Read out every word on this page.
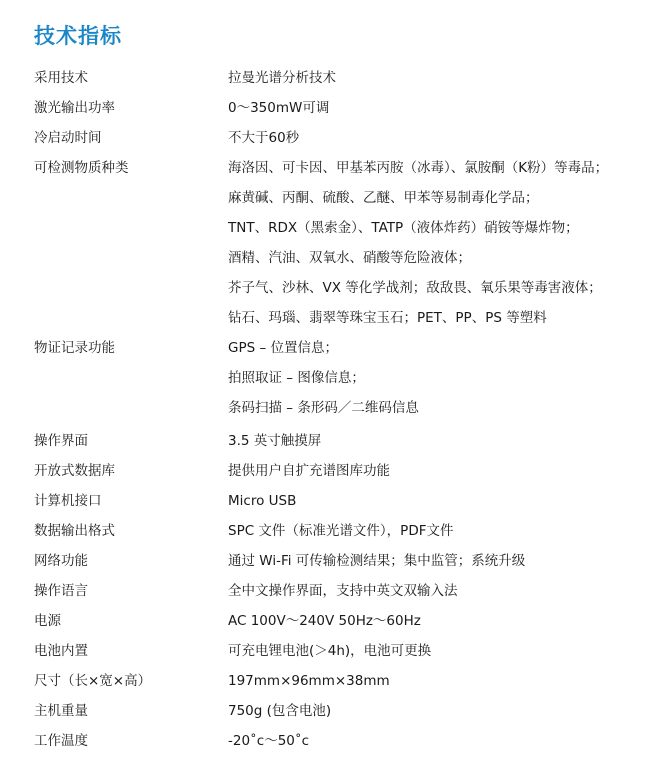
技术指标
采用技术	拉曼光谱分析技术
激光输出功率	0～350mW可调
冷启动时间	不大于60秒
可检测物质种类	海洛因、可卡因、甲基苯丙胺（冰毒）、氯胺酮（K粉）等毒品；
麻黄碱、丙酮、硫酸、乙醚、甲苯等易制毒化学品；
TNT、RDX（黑索金）、TATP（液体炸药）硝铵等爆炸物；
酒精、汽油、双氧水、硝酸等危险液体；
芥子气、沙林、VX 等化学战剂；敌敌畏、氧乐果等毒害液体；
钻石、玛瑙、翡翠等珠宝玉石；PET、PP、PS 等塑料
物证记录功能	GPS – 位置信息；
拍照取证 – 图像信息；
条码扫描 – 条形码／二维码信息
操作界面	3.5 英寸触摸屏
开放式数据库	提供用户自扩充谱图库功能
计算机接口	Micro USB
数据输出格式	SPC 文件（标准光谱文件），PDF文件
网络功能	通过 Wi-Fi 可传输检测结果；集中监管；系统升级
操作语言	全中文操作界面，支持中英文双输入法
电源	AC 100V～240V 50Hz～60Hz
电池内置	可充电锂电池(＞4h)，电池可更换
尺寸（长×宽×高）	197mm×96mm×38mm
主机重量	750g (包含电池)
工作温度	-20˚c～50˚c
